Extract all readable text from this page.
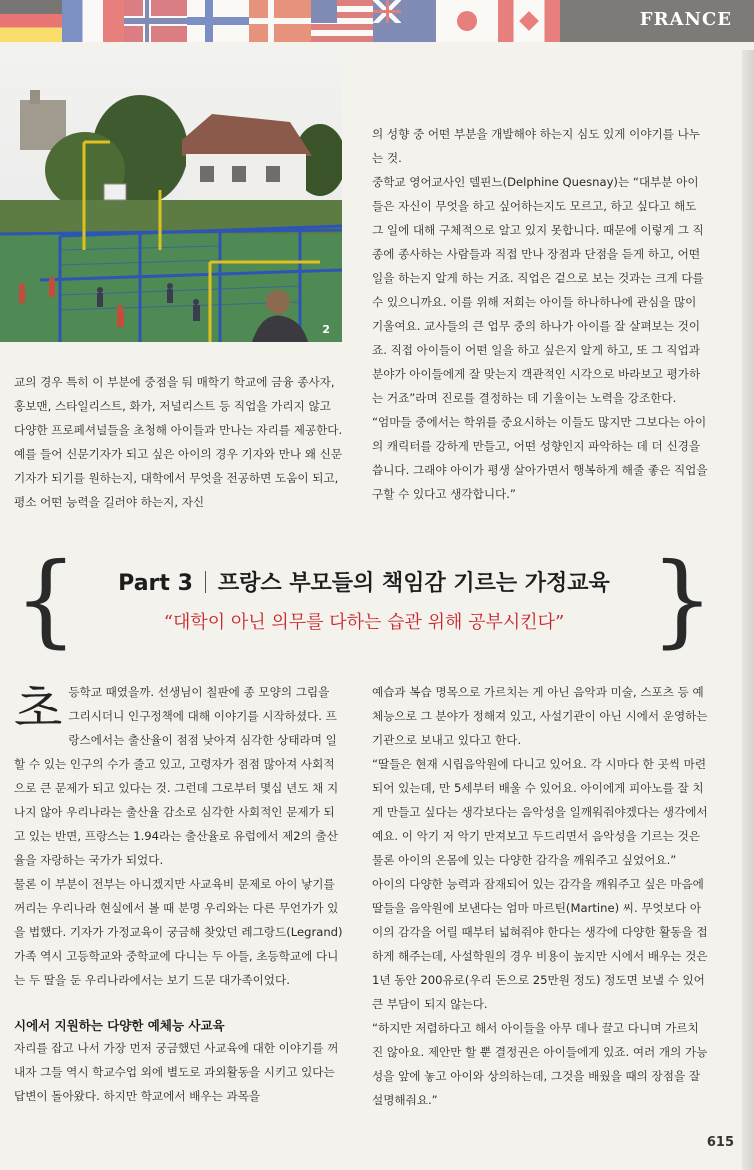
FRANCE
2

의 성향 중 어떤 부분을 개발해야 하는지 심도 있게 이야기를 나누는 것.

중학교 영어교사인 델핀느(Delphine Quesnay)는 “대부분 아이들은 자신이 무엇을 하고 싶어하는지도 모르고, 하고 싶다고 해도 그 일에 대해 구체적으로 알고 있지 못합니다. 때문에 이렇게 그 직종에 종사하는 사람들과 직접 만나 장점과 단점을 듣게 하고, 어떤 일을 하는지 알게 하는 거죠. 직업은 겉으로 보는 것과는 크게 다를 수 있으니까요. 이를 위해 저희는 아이들 하나하나에 관심을 많이 기울여요. 교사들의 큰 업무 중의 하나가 아이를 잘 살펴보는 것이죠. 직접 아이들이 어떤 일을 하고 싶은지 알게 하고, 또 그 직업과 분야가 아이들에게 잘 맞는지 객관적인 시각으로 바라보고 평가하는 거죠”라며 진로를 결정하는 데 기울이는 노력을 강조한다.

“엄마들 중에서는 학위를 중요시하는 이들도 많지만 그보다는 아이의 캐릭터를 강하게 만들고, 어떤 성향인지 파악하는 데 더 신경을 씁니다. 그래야 아이가 평생 살아가면서 행복하게 해줄 좋은 직업을 구할 수 있다고 생각합니다.”

교의 경우 특히 이 부분에 중점을 둬 매학기 학교에 금융 종사자, 홍보맨, 스타일리스트, 화가, 저널리스트 등 직업을 가리지 않고 다양한 프로페셔널들을 초청해 아이들과 만나는 자리를 제공한다. 예를 들어 신문기자가 되고 싶은 아이의 경우 기자와 만나 왜 신문기자가 되기를 원하는지, 대학에서 무엇을 전공하면 도움이 되고, 평소 어떤 능력을 길러야 하는지, 자신

{	}
Part 3 프랑스 부모들의 책임감 기르는 가정교육
“대학이 아닌 의무를 다하는 습관 위해 공부시킨다”

초등학교 때였을까. 선생님이 칠판에 종 모양의 그림을 그리시더니 인구정책에 대해 이야기를 시작하셨다. 프랑스에서는 출산율이 점점 낮아져 심각한 상태라며 일할 수 있는 인구의 수가 줄고 있고, 고령자가 점점 많아져 사회적으로 큰 문제가 되고 있다는 것. 그런데 그로부터 몇십 년도 채 지나지 않아 우리나라는 출산율 감소로 심각한 사회적인 문제가 되고 있는 반면, 프랑스는 1.94라는 출산율로 유럽에서 제2의 출산율을 자랑하는 국가가 되었다.

물론 이 부분이 전부는 아니겠지만 사교육비 문제로 아이 낳기를 꺼리는 우리나라 현실에서 볼 때 분명 우리와는 다른 무언가가 있을 법했다. 기자가 가정교육이 궁금해 찾았던 레그랑드(Legrand) 가족 역시 고등학교와 중학교에 다니는 두 아들, 초등학교에 다니는 두 딸을 둔 우리나라에서는 보기 드문 대가족이었다.

시에서 지원하는 다양한 예체능 사교육

자리를 잡고 나서 가장 먼저 궁금했던 사교육에 대한 이야기를 꺼내자 그들 역시 학교수업 외에 별도로 과외활동을 시키고 있다는 답변이 돌아왔다. 하지만 학교에서 배우는 과목을

예습과 복습 명목으로 가르치는 게 아닌 음악과 미술, 스포츠 등 예체능으로 그 분야가 정해져 있고, 사설기관이 아닌 시에서 운영하는 기관으로 보내고 있다고 한다.

“딸들은 현재 시립음악원에 다니고 있어요. 각 시마다 한 곳씩 마련되어 있는데, 만 5세부터 배울 수 있어요. 아이에게 피아노를 잘 치게 만들고 싶다는 생각보다는 음악성을 일깨워줘야겠다는 생각에서예요. 이 악기 저 악기 만져보고 두드리면서 음악성을 기르는 것은 물론 아이의 온몸에 있는 다양한 감각을 깨워주고 싶었어요.”

아이의 다양한 능력과 잠재되어 있는 감각을 깨워주고 싶은 마음에 딸들을 음악원에 보낸다는 엄마 마르틴(Martine) 씨. 무엇보다 아이의 감각을 어릴 때부터 넓혀줘야 한다는 생각에 다양한 활동을 접하게 해주는데, 사설학원의 경우 비용이 높지만 시에서 배우는 것은 1년 동안 200유로(우리 돈으로 25만원 정도) 정도면 보낼 수 있어 큰 부담이 되지 않는다.

“하지만 저렴하다고 해서 아이들을 아무 데나 끌고 다니며 가르치진 않아요. 제안만 할 뿐 결정권은 아이들에게 있죠. 여러 개의 가능성을 앞에 놓고 아이와 상의하는데, 그것을 배웠을 때의 장점을 잘 설명해줘요.”

615
